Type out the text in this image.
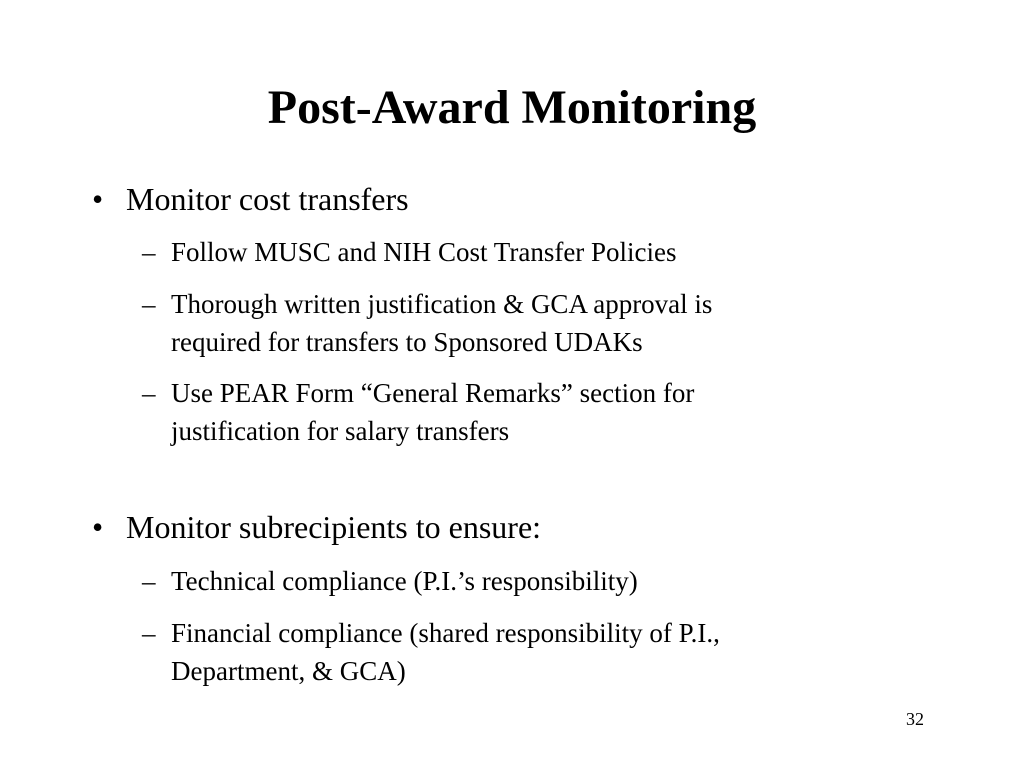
Post-Award Monitoring
• Monitor cost transfers
– Follow MUSC and NIH Cost Transfer Policies
– Thorough written justification & GCA approval is
required for transfers to Sponsored UDAKs
– Use PEAR Form “General Remarks” section for
justification for salary transfers
• Monitor subrecipients to ensure:
– Technical compliance (P.I.’s responsibility)
– Financial compliance (shared responsibility of P.I.,
Department, & GCA)
32
